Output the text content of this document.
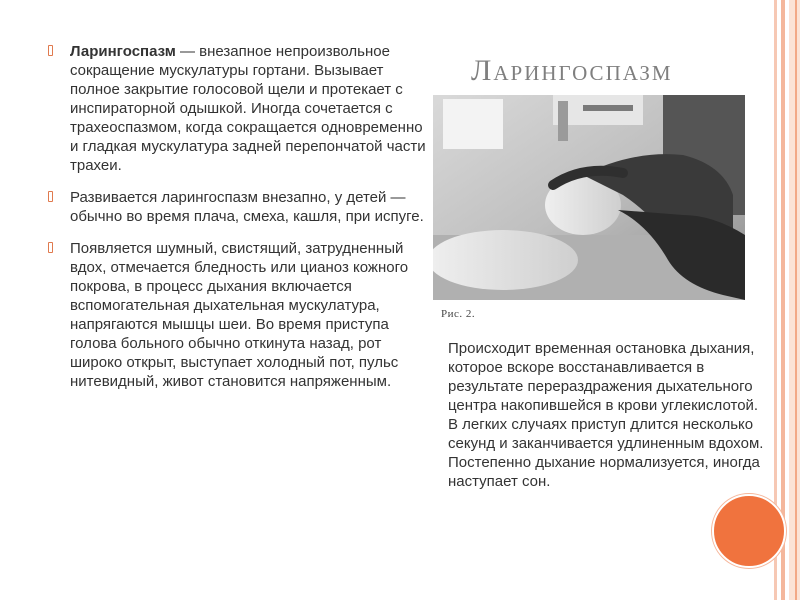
Ларингоспазм
Ларингоспазм — внезапное непроизвольное сокращение мускулатуры гортани. Вызывает полное закрытие голосовой щели и протекает с инспираторной одышкой. Иногда сочетается с трахеоспазмом, когда сокращается одновременно и гладкая мускулатура задней перепончатой части трахеи.
Развивается ларингоспазм внезапно, у детей — обычно во время плача, смеха, кашля, при испуге.
Появляется шумный, свистящий, затрудненный вдох, отмечается бледность или цианоз кожного покрова, в процесс дыхания включается вспомогательная дыхательная мускулатура, напрягаются мышцы шеи. Во время приступа голова больного обычно откинута назад, рот широко открыт, выступает холодный пот, пульс нитевидный, живот становится напряженным.
Рис. 2.
Происходит временная остановка дыхания, которое вскоре восстанавливается в результате перераздражения дыхательного центра накопившейся в крови углекислотой. В легких случаях приступ длится несколько секунд и заканчивается удлиненным вдохом. Постепенно дыхание нормализуется, иногда наступает сон.
